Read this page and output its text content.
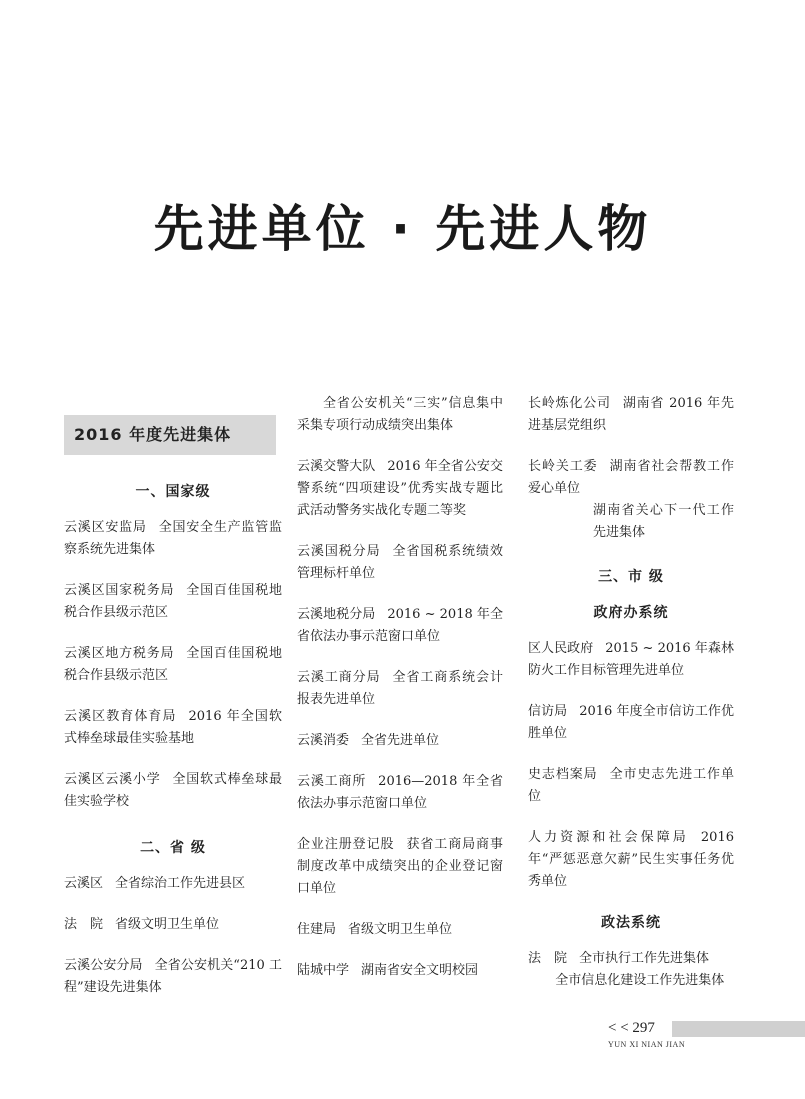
先进单位 · 先进人物
2016 年度先进集体
一、国家级
云溪区安监局 全国安全生产监管监察系统先进集体
云溪区国家税务局 全国百佳国税地税合作县级示范区
云溪区地方税务局 全国百佳国税地税合作县级示范区
云溪区教育体育局 2016 年全国软式棒垒球最佳实验基地
云溪区云溪小学 全国软式棒垒球最佳实验学校
二、省 级
云溪区 全省综治工作先进县区
法　院 省级文明卫生单位
云溪公安分局 全省公安机关“210 工程”建设先进集体
全省公安机关“三实”信息集中采集专项行动成绩突出集体
云溪交警大队 2016 年全省公安交警系统“四项建设”优秀实战专题比武活动警务实战化专题二等奖
云溪国税分局 全省国税系统绩效管理标杆单位
云溪地税分局 2016 ~ 2018 年全省依法办事示范窗口单位
云溪工商分局 全省工商系统会计报表先进单位
云溪消委 全省先进单位
云溪工商所 2016—2018 年全省依法办事示范窗口单位
企业注册登记股 获省工商局商事制度改革中成绩突出的企业登记窗口单位
住建局 省级文明卫生单位
陆城中学 湖南省安全文明校园
长岭炼化公司 湖南省 2016 年先进基层党组织
长岭关工委 湖南省社会帮教工作爱心单位
湖南省关心下一代工作先进集体
三、市 级
政府办系统
区人民政府 2015 ~ 2016 年森林防火工作目标管理先进单位
信访局 2016 年度全市信访工作优胜单位
史志档案局 全市史志先进工作单位
人力资源和社会保障局 2016 年“严惩恶意欠薪”民生实事任务优秀单位
政法系统
法　院 全市执行工作先进集体
全市信息化建设工作先进集体
< < 297
YUN XI NIAN JIAN
